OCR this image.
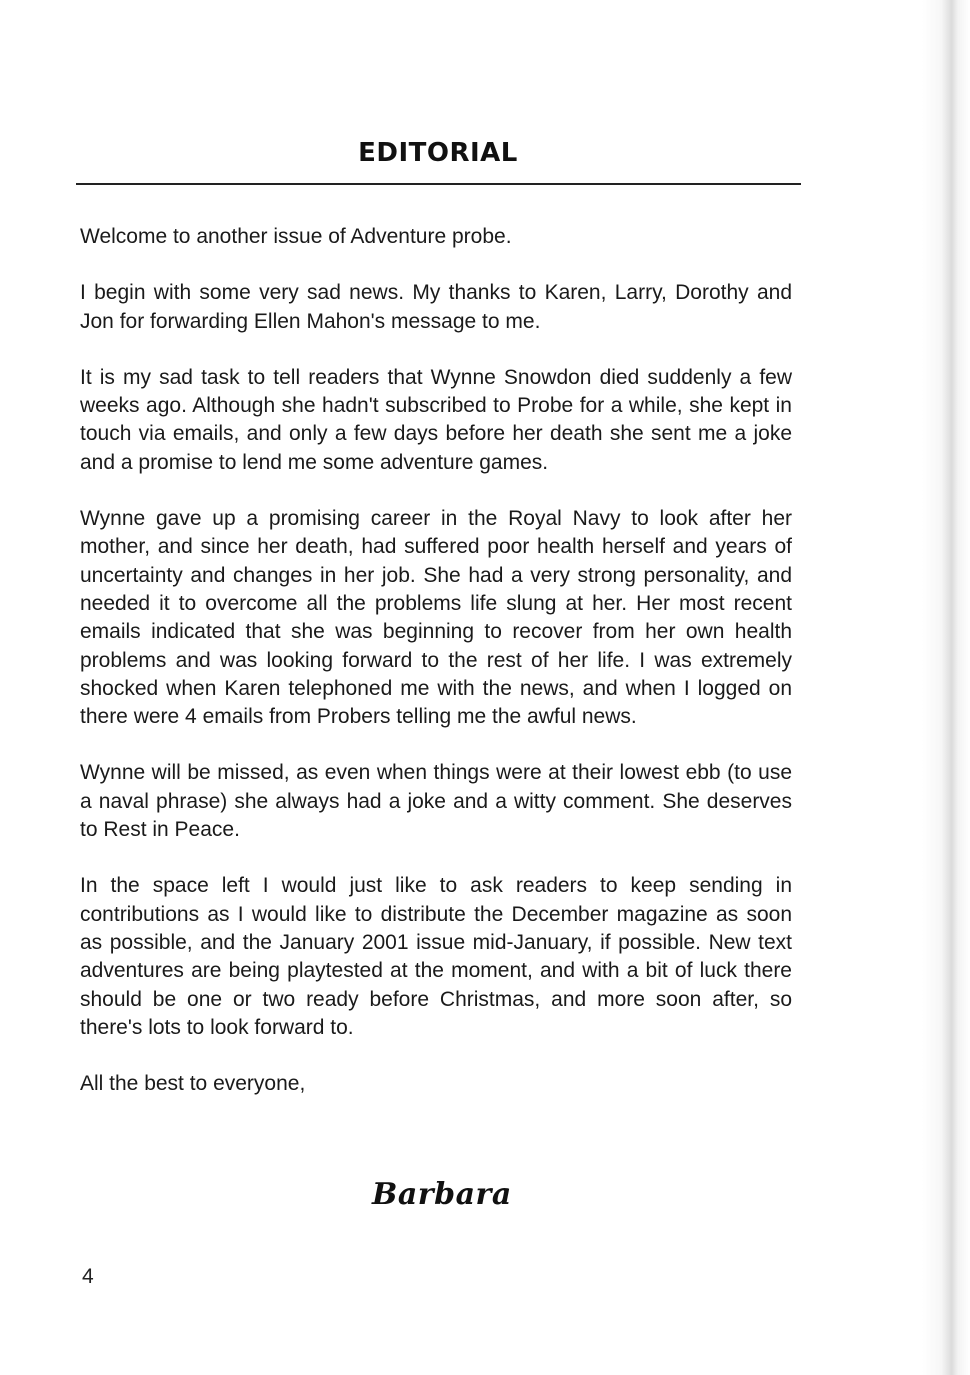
EDITORIAL

Welcome to another issue of Adventure probe.

I begin with some very sad news. My thanks to Karen, Larry, Dorothy and Jon for forwarding Ellen Mahon's message to me.

It is my sad task to tell readers that Wynne Snowdon died suddenly a few weeks ago. Although she hadn't subscribed to Probe for a while, she kept in touch via emails, and only a few days before her death she sent me a joke and a promise to lend me some adventure games.

Wynne gave up a promising career in the Royal Navy to look after her mother, and since her death, had suffered poor health herself and years of uncertainty and changes in her job. She had a very strong personality, and needed it to overcome all the problems life slung at her. Her most recent emails indicated that she was beginning to recover from her own health problems and was looking forward to the rest of her life. I was extremely shocked when Karen telephoned me with the news, and when I logged on there were 4 emails from Probers telling me the awful news.

Wynne will be missed, as even when things were at their lowest ebb (to use a naval phrase) she always had a joke and a witty comment. She deserves to Rest in Peace.

In the space left I would just like to ask readers to keep sending in contributions as I would like to distribute the December magazine as soon as possible, and the January 2001 issue mid-January, if possible. New text adventures are being playtested at the moment, and with a bit of luck there should be one or two ready before Christmas, and more soon after, so there's lots to look forward to.

All the best to everyone,

Barbara
4
